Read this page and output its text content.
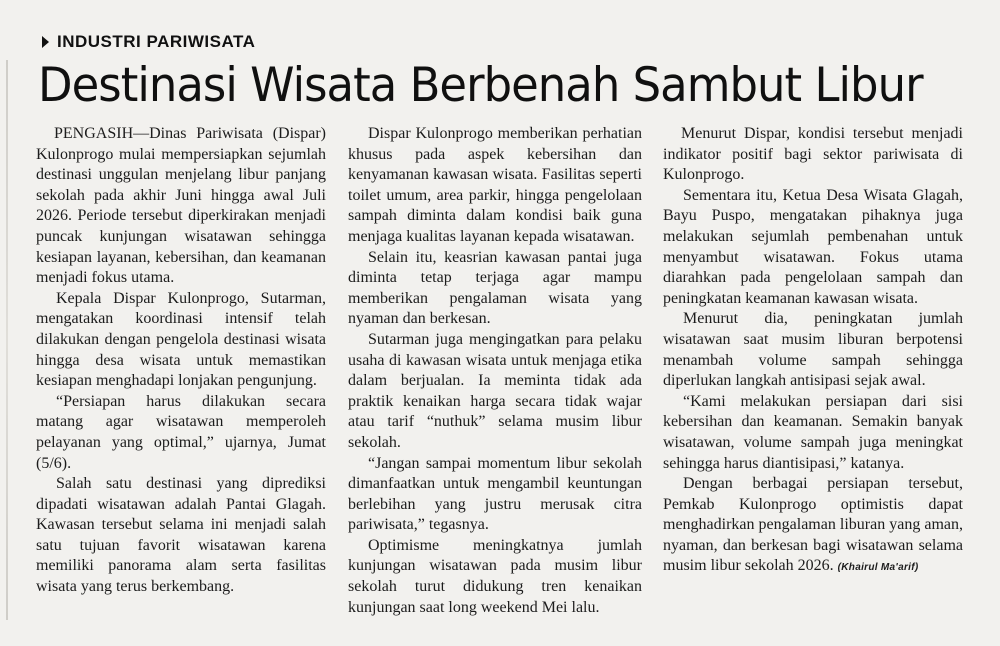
INDUSTRI PARIWISATA
Destinasi Wisata Berbenah Sambut Libur

PENGASIH—Dinas Pariwisata (Dispar) Kulonprogo mulai mempersiapkan sejumlah destinasi unggulan menjelang libur panjang sekolah pada akhir Juni hingga awal Juli 2026. Periode tersebut diperkirakan menjadi puncak kunjungan wisatawan sehingga kesiapan layanan, kebersihan, dan keamanan menjadi fokus utama.

Kepala Dispar Kulonprogo, Sutarman, mengatakan koordinasi intensif telah dilakukan dengan pengelola destinasi wisata hingga desa wisata untuk memastikan kesiapan menghadapi lonjakan pengunjung.

“Persiapan harus dilakukan secara matang agar wisatawan memperoleh pelayanan yang optimal,” ujarnya, Jumat (5/6).

Salah satu destinasi yang diprediksi dipadati wisatawan adalah Pantai Glagah. Kawasan tersebut selama ini menjadi salah satu tujuan favorit wisatawan karena memiliki panorama alam serta fasilitas wisata yang terus berkembang.

Dispar Kulonprogo memberikan perhatian khusus pada aspek kebersihan dan kenyamanan kawasan wisata. Fasilitas seperti toilet umum, area parkir, hingga pengelolaan sampah diminta dalam kondisi baik guna menjaga kualitas layanan kepada wisatawan.

Selain itu, keasrian kawasan pantai juga diminta tetap terjaga agar mampu memberikan pengalaman wisata yang nyaman dan berkesan.

Sutarman juga mengingatkan para pelaku usaha di kawasan wisata untuk menjaga etika dalam berjualan. Ia meminta tidak ada praktik kenaikan harga secara tidak wajar atau tarif “nuthuk” selama musim libur sekolah.

“Jangan sampai momentum libur sekolah dimanfaatkan untuk mengambil keuntungan berlebihan yang justru merusak citra pariwisata,” tegasnya.

Optimisme meningkatnya jumlah kunjungan wisatawan pada musim libur sekolah turut didukung tren kenaikan kunjungan saat long weekend Mei lalu.

Menurut Dispar, kondisi tersebut menjadi indikator positif bagi sektor pariwisata di Kulonprogo.

Sementara itu, Ketua Desa Wisata Glagah, Bayu Puspo, mengatakan pihaknya juga melakukan sejumlah pembenahan untuk menyambut wisatawan. Fokus utama diarahkan pada pengelolaan sampah dan peningkatan keamanan kawasan wisata.

Menurut dia, peningkatan jumlah wisatawan saat musim liburan berpotensi menambah volume sampah sehingga diperlukan langkah antisipasi sejak awal.

“Kami melakukan persiapan dari sisi kebersihan dan keamanan. Semakin banyak wisatawan, volume sampah juga meningkat sehingga harus diantisipasi,” katanya.

Dengan berbagai persiapan tersebut, Pemkab Kulonprogo optimistis dapat menghadirkan pengalaman liburan yang aman, nyaman, dan berkesan bagi wisatawan selama musim libur sekolah 2026. (Khairul Ma'arif)
